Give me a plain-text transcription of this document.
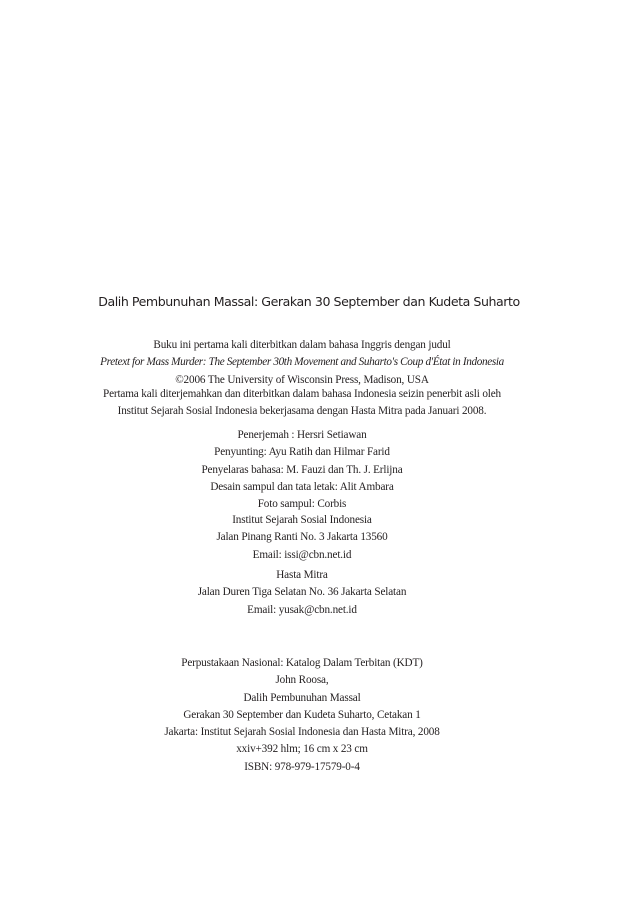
Dalih Pembunuhan Massal: Gerakan 30 September dan Kudeta Suharto
Buku ini pertama kali diterbitkan dalam bahasa Inggris dengan judul
Pretext for Mass Murder: The September 30th Movement and Suharto's Coup d'État in Indonesia
©2006 The University of Wisconsin Press, Madison, USA
Pertama kali diterjemahkan dan diterbitkan dalam bahasa Indonesia seizin penerbit asli oleh
Institut Sejarah Sosial Indonesia bekerjasama dengan Hasta Mitra pada Januari 2008.
Penerjemah : Hersri Setiawan
Penyunting: Ayu Ratih dan Hilmar Farid
Penyelaras bahasa: M. Fauzi dan Th. J. Erlijna
Desain sampul dan tata letak: Alit Ambara
Foto sampul: Corbis
Institut Sejarah Sosial Indonesia
Jalan Pinang Ranti No. 3 Jakarta 13560
Email: issi@cbn.net.id
Hasta Mitra
Jalan Duren Tiga Selatan No. 36 Jakarta Selatan
Email: yusak@cbn.net.id
Perpustakaan Nasional: Katalog Dalam Terbitan (KDT)
John Roosa,
Dalih Pembunuhan Massal
Gerakan 30 September dan Kudeta Suharto, Cetakan 1
Jakarta: Institut Sejarah Sosial Indonesia dan Hasta Mitra, 2008
xxiv+392 hlm; 16 cm x 23 cm
ISBN: 978-979-17579-0-4
